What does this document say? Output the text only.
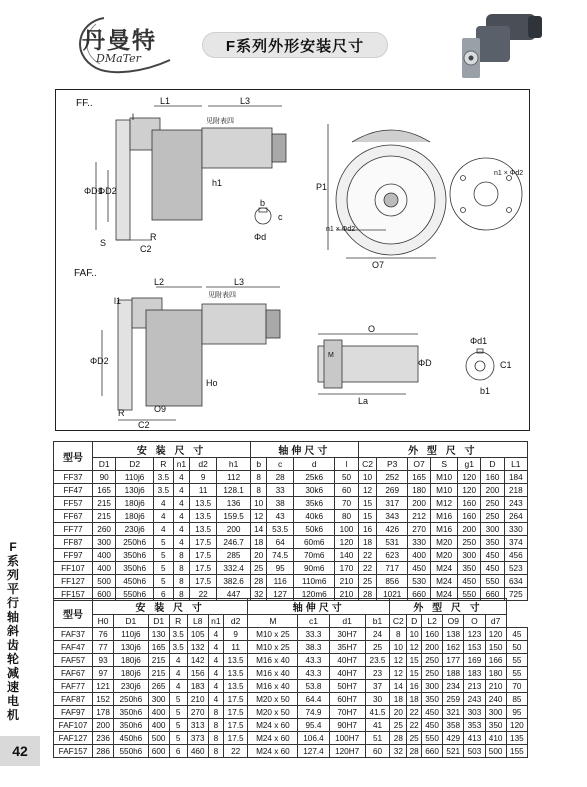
丹曼特
DMaTer
F系列外形安装尺寸
F
系
列
平
行
轴
斜
齿
轮
减
速
电
机
42
FF..
FAF..
见附表四
见附表四
L1
l
L3
h1
ΦD1
ΦD2
S
R
C2
P1
O7
n1 × Φd2
n1 × Φd2
Φd
c
b
L2
l1
L3
Ho
O9
R
C2
ΦD2
O
La
Φd1
C1
b1
M
ΦD
型号	安 装 尺 寸						轴伸尺寸				外 型 尺 寸						
	D1	D2	R	n1	d2	h1	b	c	d	l	C2	P3	O7	S	g1	D	L1
FF37	90	110j6	3.5	4	9	112	8	28	25k6	50	10	252	165	M10	120	160	184
FF47	165	130j6	3.5	4	11	128.1	8	33	30k6	60	12	269	180	M10	120	200	218
FF57	215	180j6	4	4	13.5	136	10	38	35k6	70	15	317	200	M12	160	250	243
FF67	215	180j6	4	4	13.5	159.5	12	43	40k6	80	15	343	212	M16	160	250	264
FF77	260	230j6	4	4	13.5	200	14	53.5	50k6	100	16	426	270	M16	200	300	330
FF87	300	250h6	5	4	17.5	246.7	18	64	60m6	120	18	531	330	M20	250	350	374
FF97	400	350h6	5	8	17.5	285	20	74.5	70m6	140	22	623	400	M20	300	450	456
FF107	400	350h6	5	8	17.5	332.4	25	95	90m6	170	22	717	450	M24	350	450	523
FF127	500	450h6	5	8	17.5	382.6	28	116	110m6	210	25	856	530	M24	450	550	634
FF157	600	550h6	6	8	22	447	32	127	120m6	210	28	1021	660	M24	550	660	725
型号	安 装 尺 寸							轴伸尺寸				外 型 尺 寸						
	H0	D1	D1	R	L8	n1	d2	M	c1	d1	b1	C2	D	L2	O9	O	d7	
FAF37	76	110j6	130	3.5	105	4	9	M10 x 25	33.3	30H7	24	8	10	160	138	123	120	45
FAF47	77	130j6	165	3.5	132	4	11	M10 x 25	38.3	35H7	25	10	12	200	162	153	150	50
FAF57	93	180j6	215	4	142	4	13.5	M16 x 40	43.3	40H7	23.5	12	15	250	177	169	166	55
FAF67	97	180j6	215	4	156	4	13.5	M16 x 40	43.3	40H7	23	12	15	250	188	183	180	55
FAF77	121	230j6	265	4	183	4	13.5	M16 x 40	53.8	50H7	37	14	16	300	234	213	210	70
FAF87	152	250h6	300	5	210	4	17.5	M20 x 50	64.4	60H7	30	18	18	350	259	243	240	85
FAF97	178	350h6	400	5	270	8	17.5	M20 x 50	74.9	70H7	41.5	20	22	450	321	303	300	95
FAF107	200	350h6	400	5	313	8	17.5	M24 x 60	95.4	90H7	41	25	22	450	358	353	350	120
FAF127	236	450h6	500	5	373	8	17.5	M24 x 60	106.4	100H7	51	28	25	550	429	413	410	135
FAF157	286	550h6	600	6	460	8	22	M24 x 60	127.4	120H7	60	32	28	660	521	503	500	155
